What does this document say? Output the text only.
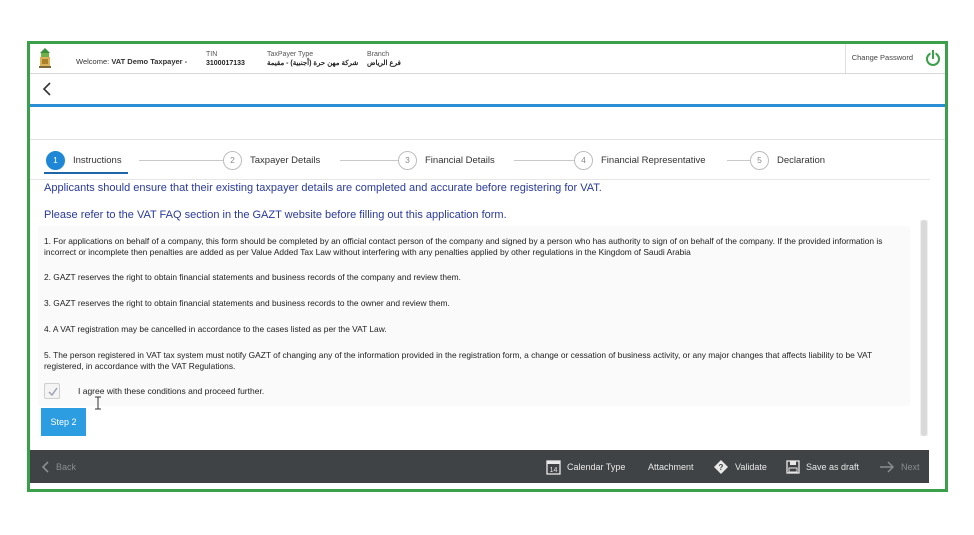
Welcome: VAT Demo Taxpayer -
TIN
3100017133
TaxPayer Type
شركة مهن حرة (أجنبية) - مقيمة
Branch
فرع الرياض
Change Password
1	Instructions	2	Taxpayer Details	3	Financial Details	4	Financial Representative	5	Declaration
Applicants should ensure that their existing taxpayer details are completed and accurate before registering for VAT.
Please refer to the VAT FAQ section in the GAZT website before filling out this application form.
1. For applications on behalf of a company, this form should be completed by an official contact person of the company and signed by a person who has authority to sign of on behalf of the company. If the provided information is incorrect or incomplete then penalties are added as per Value Added Tax Law without interfering with any penalties applied by other regulations in the Kingdom of Saudi Arabia
2. GAZT reserves the right to obtain financial statements and business records of the company and review them.
3. GAZT reserves the right to obtain financial statements and business records to the owner and review them.
4. A VAT registration may be cancelled in accordance to the cases listed as per the VAT Law.
5. The person registered in VAT tax system must notify GAZT of changing any of the information provided in the registration form, a change or cessation of business activity, or any major changes that affects liability to be VAT registered, in accordance with the VAT Regulations.
I agree with these conditions and proceed further.
Step 2
Back	14 Calendar Type	Attachment	? Validate	Save as draft	Next
